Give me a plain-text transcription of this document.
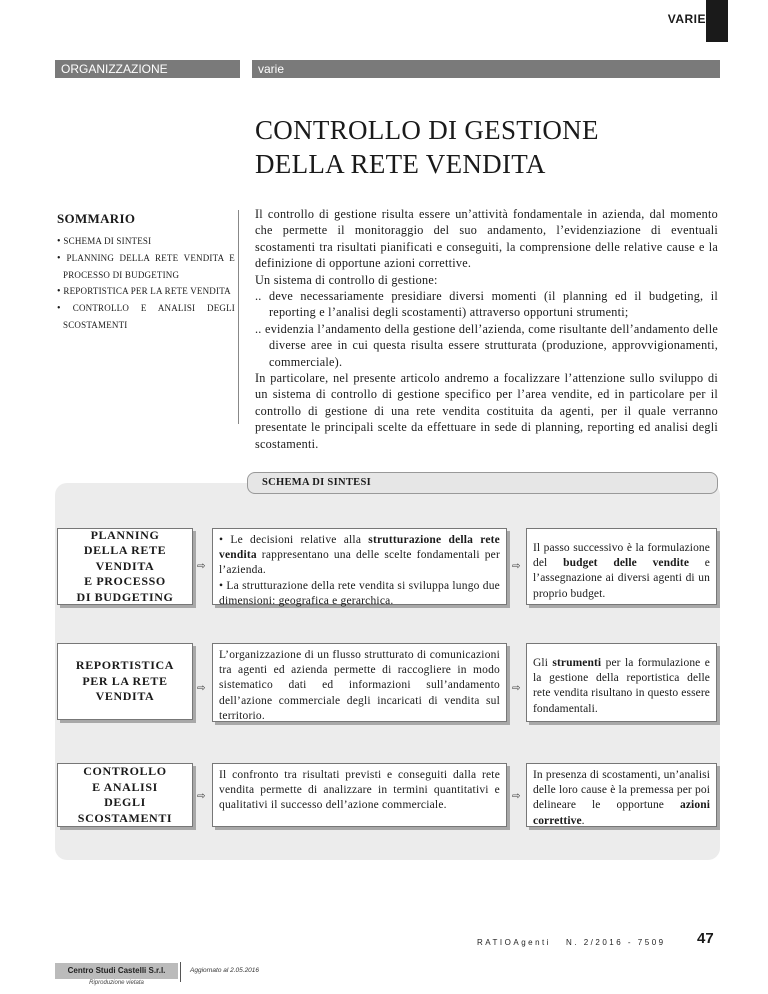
VARIE
ORGANIZZAZIONE	varie
CONTROLLO DI GESTIONE
DELLA RETE VENDITA
SOMMARIO
• SCHEMA DI SINTESI
• PLANNING DELLA RETE VENDITA E PROCESSO DI BUDGETING
• REPORTISTICA PER LA RETE VENDITA
• CONTROLLO E ANALISI DEGLI SCOSTAMENTI

Il controllo di gestione risulta essere un’attività fondamentale in azienda, dal momento che permette il monitoraggio del suo andamento, l’evidenziazione di eventuali scostamenti tra risultati pianificati e conseguiti, la comprensione delle relative cause e la definizione di opportune azioni correttive.

Un sistema di controllo di gestione:

.. deve necessariamente presidiare diversi momenti (il planning ed il budgeting, il reporting e l’analisi degli scostamenti) attraverso opportuni strumenti;

.. evidenzia l’andamento della gestione dell’azienda, come risultante dell’andamento delle diverse aree in cui questa risulta essere strutturata (produzione, approvvigionamenti, commerciale).

In particolare, nel presente articolo andremo a focalizzare l’attenzione sullo sviluppo di un sistema di controllo di gestione specifico per l’area vendite, ed in particolare per il controllo di gestione di una rete vendita costituita da agenti, per il quale verranno presentate le principali scelte da effettuare in sede di planning, reporting ed analisi degli scostamenti.

SCHEMA DI SINTESI
PLANNING
DELLA RETE
VENDITA
E PROCESSO
DI BUDGETING
⇨

• Le decisioni relative alla strutturazione della rete vendita rappresentano una delle scelte fondamentali per l’azienda.

• La strutturazione della rete vendita si sviluppa lungo due dimensioni: geografica e gerarchica.

⇨

Il passo successivo è la formulazione del budget delle vendite e l’assegnazione ai diversi agenti di un proprio budget.

REPORTISTICA
PER LA RETE
VENDITA
⇨

L’organizzazione di un flusso strutturato di comunicazioni tra agenti ed azienda permette di raccogliere in modo sistematico dati ed informazioni sull’andamento dell’azione commerciale degli incaricati di vendita sul territorio.

⇨

Gli strumenti per la formulazione e la gestione della reportistica delle rete vendita risultano in questo essere fondamentali.

CONTROLLO
E ANALISI
DEGLI
SCOSTAMENTI
⇨

Il confronto tra risultati previsti e conseguiti dalla rete vendita permette di analizzare in termini quantitativi e qualitativi il successo dell’azione commerciale.

⇨

In presenza di scostamenti, un’analisi delle loro cause è la premessa per poi delineare le opportune azioni correttive.

RATIOAgenti N. 2/2016 - 7509 47
Centro Studi Castelli S.r.l.
Riproduzione vietata
Aggiornato al 2.05.2016
